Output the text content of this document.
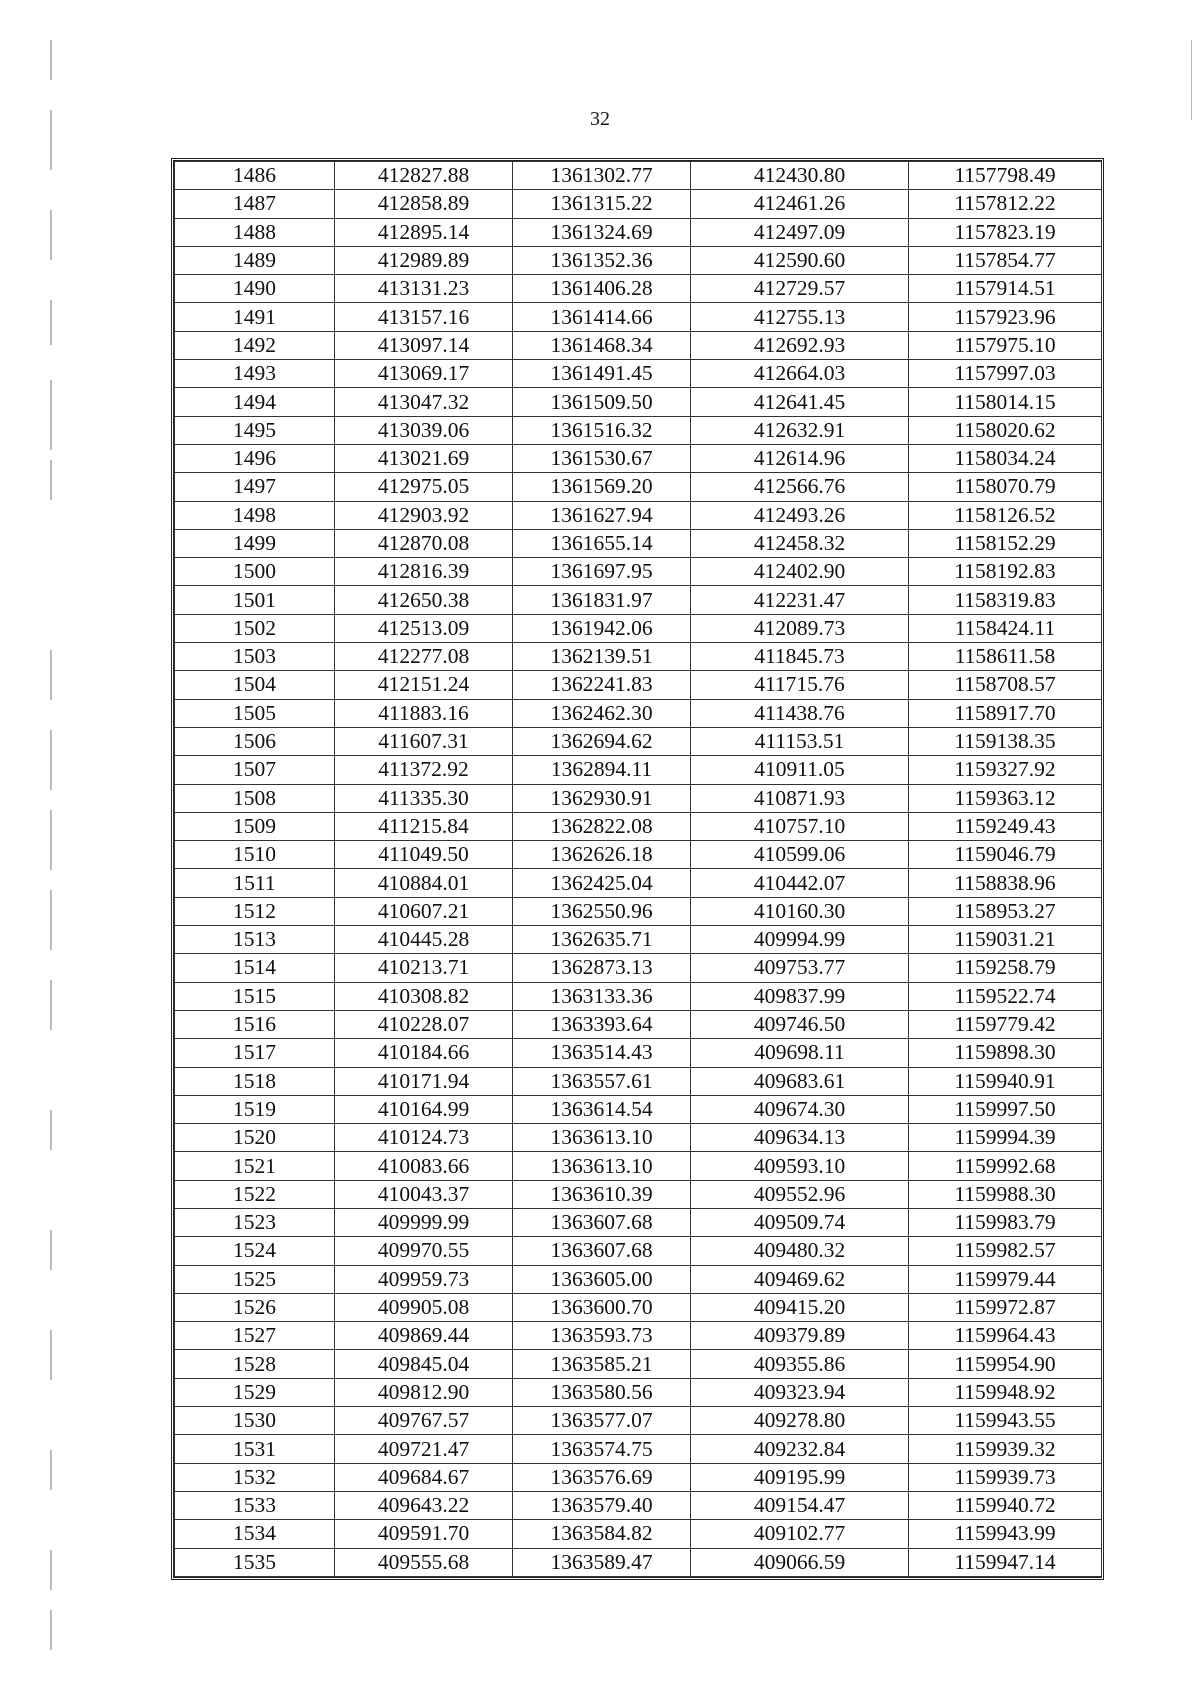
32
1486	412827.88	1361302.77	412430.80	1157798.49
1487	412858.89	1361315.22	412461.26	1157812.22
1488	412895.14	1361324.69	412497.09	1157823.19
1489	412989.89	1361352.36	412590.60	1157854.77
1490	413131.23	1361406.28	412729.57	1157914.51
1491	413157.16	1361414.66	412755.13	1157923.96
1492	413097.14	1361468.34	412692.93	1157975.10
1493	413069.17	1361491.45	412664.03	1157997.03
1494	413047.32	1361509.50	412641.45	1158014.15
1495	413039.06	1361516.32	412632.91	1158020.62
1496	413021.69	1361530.67	412614.96	1158034.24
1497	412975.05	1361569.20	412566.76	1158070.79
1498	412903.92	1361627.94	412493.26	1158126.52
1499	412870.08	1361655.14	412458.32	1158152.29
1500	412816.39	1361697.95	412402.90	1158192.83
1501	412650.38	1361831.97	412231.47	1158319.83
1502	412513.09	1361942.06	412089.73	1158424.11
1503	412277.08	1362139.51	411845.73	1158611.58
1504	412151.24	1362241.83	411715.76	1158708.57
1505	411883.16	1362462.30	411438.76	1158917.70
1506	411607.31	1362694.62	411153.51	1159138.35
1507	411372.92	1362894.11	410911.05	1159327.92
1508	411335.30	1362930.91	410871.93	1159363.12
1509	411215.84	1362822.08	410757.10	1159249.43
1510	411049.50	1362626.18	410599.06	1159046.79
1511	410884.01	1362425.04	410442.07	1158838.96
1512	410607.21	1362550.96	410160.30	1158953.27
1513	410445.28	1362635.71	409994.99	1159031.21
1514	410213.71	1362873.13	409753.77	1159258.79
1515	410308.82	1363133.36	409837.99	1159522.74
1516	410228.07	1363393.64	409746.50	1159779.42
1517	410184.66	1363514.43	409698.11	1159898.30
1518	410171.94	1363557.61	409683.61	1159940.91
1519	410164.99	1363614.54	409674.30	1159997.50
1520	410124.73	1363613.10	409634.13	1159994.39
1521	410083.66	1363613.10	409593.10	1159992.68
1522	410043.37	1363610.39	409552.96	1159988.30
1523	409999.99	1363607.68	409509.74	1159983.79
1524	409970.55	1363607.68	409480.32	1159982.57
1525	409959.73	1363605.00	409469.62	1159979.44
1526	409905.08	1363600.70	409415.20	1159972.87
1527	409869.44	1363593.73	409379.89	1159964.43
1528	409845.04	1363585.21	409355.86	1159954.90
1529	409812.90	1363580.56	409323.94	1159948.92
1530	409767.57	1363577.07	409278.80	1159943.55
1531	409721.47	1363574.75	409232.84	1159939.32
1532	409684.67	1363576.69	409195.99	1159939.73
1533	409643.22	1363579.40	409154.47	1159940.72
1534	409591.70	1363584.82	409102.77	1159943.99
1535	409555.68	1363589.47	409066.59	1159947.14
